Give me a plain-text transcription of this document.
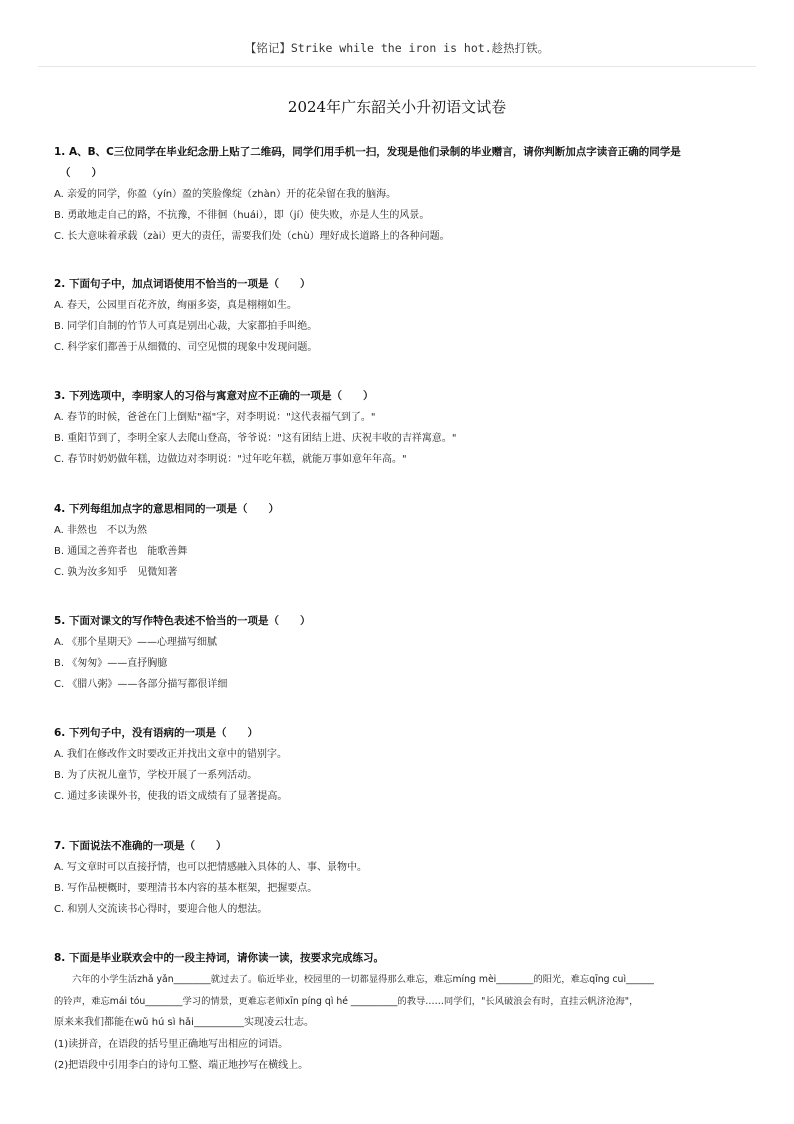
【铭记】Strike while the iron is hot.趁热打铁。
2024年广东韶关小升初语文试卷
1. A、B、C三位同学在毕业纪念册上贴了二维码，同学们用手机一扫，发现是他们录制的毕业赠言，请你判断加点字读音正确的同学是
（　　）
A. 亲爱的同学，你盈（yín）盈的笑脸像绽（zhàn）开的花朵留在我的脑海。
B. 勇敢地走自己的路，不抗豫，不徘徊（huái），即（jí）使失败，亦是人生的风景。
C. 长大意味着承载（zài）更大的责任，需要我们处（chù）理好成长道路上的各种问题。
2. 下面句子中，加点词语使用不恰当的一项是（　　）
A. 春天，公园里百花齐放，绚丽多姿，真是栩栩如生。
B. 同学们自制的竹节人可真是别出心裁，大家都拍手叫绝。
C. 科学家们都善于从细微的、司空见惯的现象中发现问题。
3. 下列选项中，李明家人的习俗与寓意对应不正确的一项是（　　）
A. 春节的时候，爸爸在门上倒贴"福"字，对李明说："这代表福气到了。"
B. 重阳节到了，李明全家人去爬山登高，爷爷说："这有团结上进、庆祝丰收的吉祥寓意。"
C. 春节时奶奶做年糕，边做边对李明说："过年吃年糕，就能万事如意年年高。"
4. 下列每组加点字的意思相同的一项是（　　）
A. 非然也　不以为然
B. 通国之善弈者也　能歌善舞
C. 孰为汝多知乎　见微知著
5. 下面对课文的写作特色表述不恰当的一项是（　　）
A. 《那个星期天》——心理描写细腻
B. 《匆匆》——直抒胸臆
C. 《腊八粥》——各部分描写都很详细
6. 下列句子中，没有语病的一项是（　　）
A. 我们在修改作文时要改正并找出文章中的错别字。
B. 为了庆祝儿童节，学校开展了一系列活动。
C. 通过多读课外书，使我的语文成绩有了显著提高。
7. 下面说法不准确的一项是（　　）
A. 写文章时可以直接抒情，也可以把情感融入具体的人、事、景物中。
B. 写作品梗概时，要理清书本内容的基本框架，把握要点。
C. 和别人交流读书心得时，要迎合他人的想法。
8. 下面是毕业联欢会中的一段主持词，请你读一读，按要求完成练习。
六年的小学生活zhǎ yǎn________就过去了。临近毕业，校园里的一切都显得那么难忘，难忘míng mèi________的阳光，难忘qīng cuì______
的铃声，难忘mái tóu________学习的情景，更难忘老师xīn píng qì hé __________的教导……同学们，"长风破浪会有时，直挂云帆济沧海"，
原来来我们都能在wǔ hú sì hǎi__________实现凌云壮志。
(1)读拼音，在语段的括号里正确地写出相应的词语。
(2)把语段中引用李白的诗句工整、端正地抄写在横线上。
